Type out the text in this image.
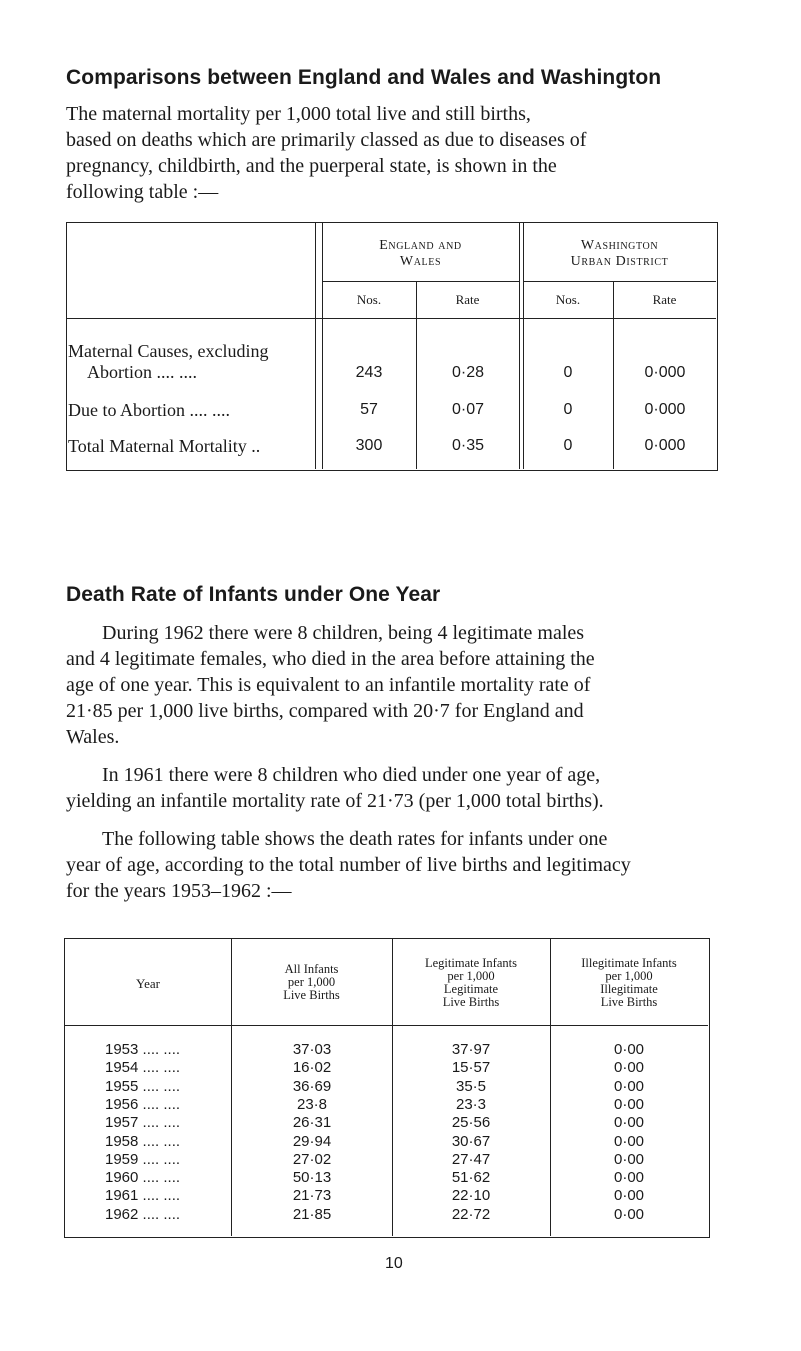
Comparisons between England and Wales and Washington

The maternal mortality per 1,000 total live and still births,

based on deaths which are primarily classed as due to diseases of

pregnancy, childbirth, and the puerperal state, is shown in the

following table :—

England and
Wales
Washington
Urban District
Nos.	Rate	Nos.	Rate
Maternal Causes, excluding
Abortion .... ....	243	0·28	0	0·000
Due to Abortion .... ....	57	0·07	0	0·000
Total Maternal Mortality ..	300	0·35	0	0·000
Death Rate of Infants under One Year

During 1962 there were 8 children, being 4 legitimate males

and 4 legitimate females, who died in the area before attaining the

age of one year. This is equivalent to an infantile mortality rate of

21·85 per 1,000 live births, compared with 20·7 for England and

Wales.

In 1961 there were 8 children who died under one year of age,

yielding an infantile mortality rate of 21·73 (per 1,000 total births).

The following table shows the death rates for infants under one

year of age, according to the total number of live births and legitimacy

for the years 1953–1962 :—

Year
All Infants
per 1,000
Live Births
Legitimate Infants
per 1,000
Legitimate
Live Births
Illegitimate Infants
per 1,000
Illegitimate
Live Births
1953 .... ....	37·03	37·97	0·00
1954 .... ....	16·02	15·57	0·00
1955 .... ....	36·69	35·5	0·00
1956 .... ....	23·8	23·3	0·00
1957 .... ....	26·31	25·56	0·00
1958 .... ....	29·94	30·67	0·00
1959 .... ....	27·02	27·47	0·00
1960 .... ....	50·13	51·62	0·00
1961 .... ....	21·73	22·10	0·00
1962 .... ....	21·85	22·72	0·00
10
